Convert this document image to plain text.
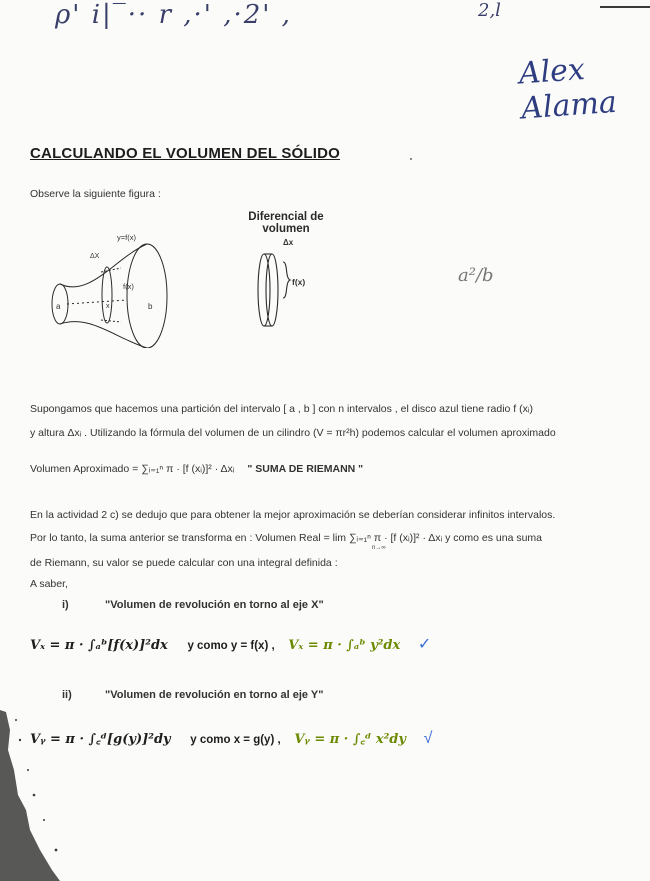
ρ' 𝑖|‾·· r ,·' ,·2' ,	2,𝑙
Alex Alama
CALCULANDO EL VOLUMEN DEL SÓLIDO
Observe la siguiente figura :
y=f(x)
ΔX
f(x)
a	x	b
Diferencial de
volumen
Δx
f(x)	a²/b
Supongamos que hacemos una partición del intervalo [ a , b ] con n intervalos , el disco azul tiene radio f (xᵢ)
y altura Δxᵢ . Utilizando la fórmula del volumen de un cilindro (V = πr²h) podemos calcular el volumen aproximado
Volumen Aproximado = ∑ᵢ₌₁ⁿ π · [f (xᵢ)]² · Δxᵢ " SUMA DE RIEMANN "
En la actividad 2 c) se dedujo que para obtener la mejor aproximación se deberían considerar infinitos intervalos.
Por lo tanto, la suma anterior se transforma en : Volumen Real = lim ∑ᵢ₌₁ⁿ π · [f (xᵢ)]² · Δxᵢ y como es una suma
n→∞
de Riemann, su valor se puede calcular con una integral definida :
A saber,
i)	"Volumen de revolución en torno al eje X"
Vₓ = π · ∫ₐᵇ[f(x)]²dx y como y = f(x) , Vₓ = π · ∫ₐᵇ y²dx ✓
ii)	"Volumen de revolución en torno al eje Y"
Vᵧ = π · ∫꜀ᵈ[g(y)]²dy y como x = g(y) , Vᵧ = π · ∫꜀ᵈ x²dy √
